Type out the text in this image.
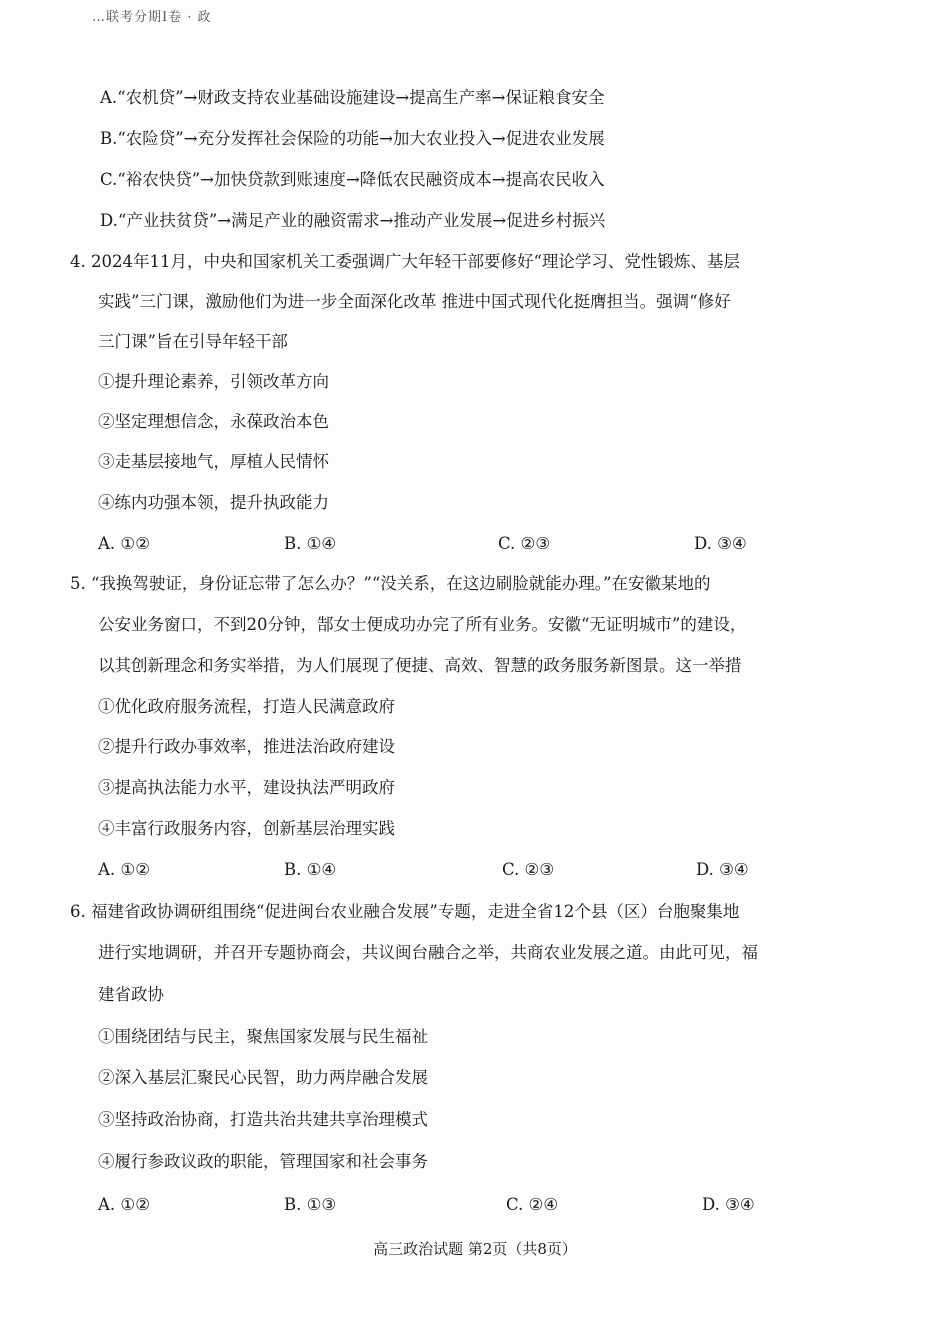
…联考分期I卷 · 政
A.“农机贷”→财政支持农业基础设施建设→提高生产率→保证粮食安全
B.“农险贷”→充分发挥社会保险的功能→加大农业投入→促进农业发展
C.“裕农快贷”→加快贷款到账速度→降低农民融资成本→提高农民收入
D.“产业扶贫贷”→满足产业的融资需求→推动产业发展→促进乡村振兴
4. 2024年11月，中央和国家机关工委强调广大年轻干部要修好“理论学习、党性锻炼、基层
实践”三门课，激励他们为进一步全面深化改革 推进中国式现代化挺膺担当。强调“修好
三门课”旨在引导年轻干部
①提升理论素养，引领改革方向
②坚定理想信念，永葆政治本色
③走基层接地气，厚植人民情怀
④练内功强本领，提升执政能力
A. ①②	B. ①④	C. ②③	D. ③④
5. “我换驾驶证，身份证忘带了怎么办？”“没关系，在这边刷脸就能办理。”在安徽某地的
公安业务窗口，不到20分钟，郜女士便成功办完了所有业务。安徽“无证明城市”的建设，
以其创新理念和务实举措，为人们展现了便捷、高效、智慧的政务服务新图景。这一举措
①优化政府服务流程，打造人民满意政府
②提升行政办事效率，推进法治政府建设
③提高执法能力水平，建设执法严明政府
④丰富行政服务内容，创新基层治理实践
A. ①②	B. ①④	C. ②③	D. ③④
6. 福建省政协调研组围绕“促进闽台农业融合发展”专题，走进全省12个县（区）台胞聚集地
进行实地调研，并召开专题协商会，共议闽台融合之举，共商农业发展之道。由此可见，福
建省政协
①围绕团结与民主，聚焦国家发展与民生福祉
②深入基层汇聚民心民智，助力两岸融合发展
③坚持政治协商，打造共治共建共享治理模式
④履行参政议政的职能，管理国家和社会事务
A. ①②	B. ①③	C. ②④	D. ③④
高三政治试题 第2页（共8页）
